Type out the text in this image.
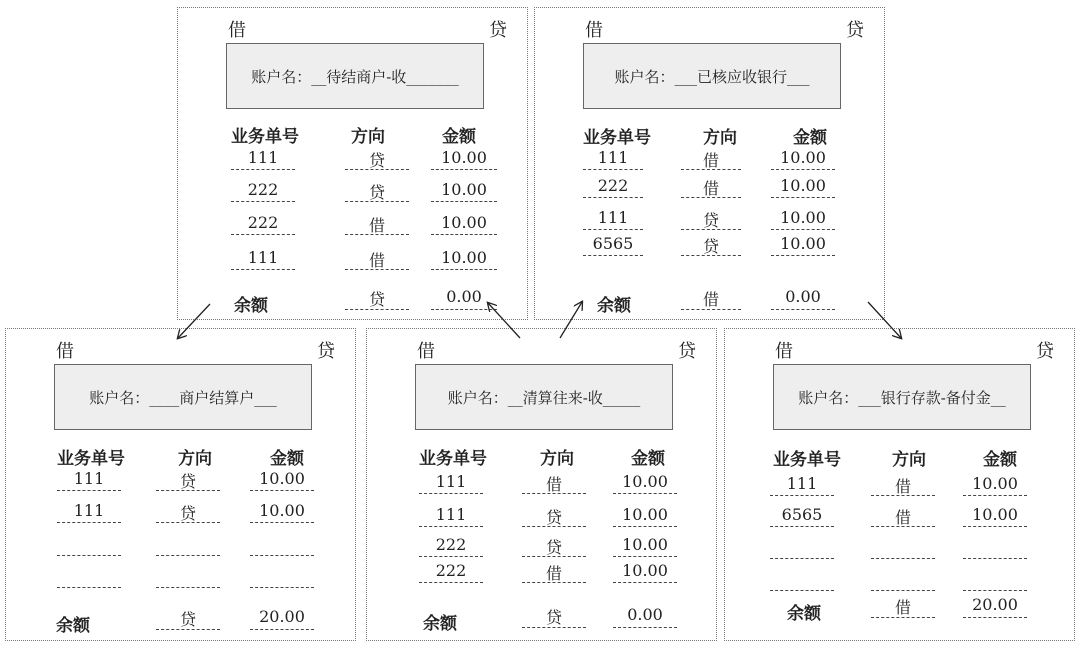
借	贷
账户名：__待结商户-收_______
业务单号	方向	金额
111	贷	10.00
222	贷	10.00
222	借	10.00
111	借	10.00
余额	贷	0.00
借	贷
账户名：___已核应收银行___
业务单号	方向	金额
111	借	10.00
222	借	10.00
111	贷	10.00
6565	贷	10.00
余额	借	0.00
借	贷
账户名：____商户结算户___
业务单号	方向	金额
111	贷	10.00
111	贷	10.00
余额	贷	20.00
借	贷
账户名：__清算往来-收_____
业务单号	方向	金额
111	借	10.00
111	贷	10.00
222	贷	10.00
222	借	10.00
余额	贷	0.00
借	贷
账户名：___银行存款-备付金__
业务单号	方向	金额
111	借	10.00
6565	借	10.00
余额	借	20.00
